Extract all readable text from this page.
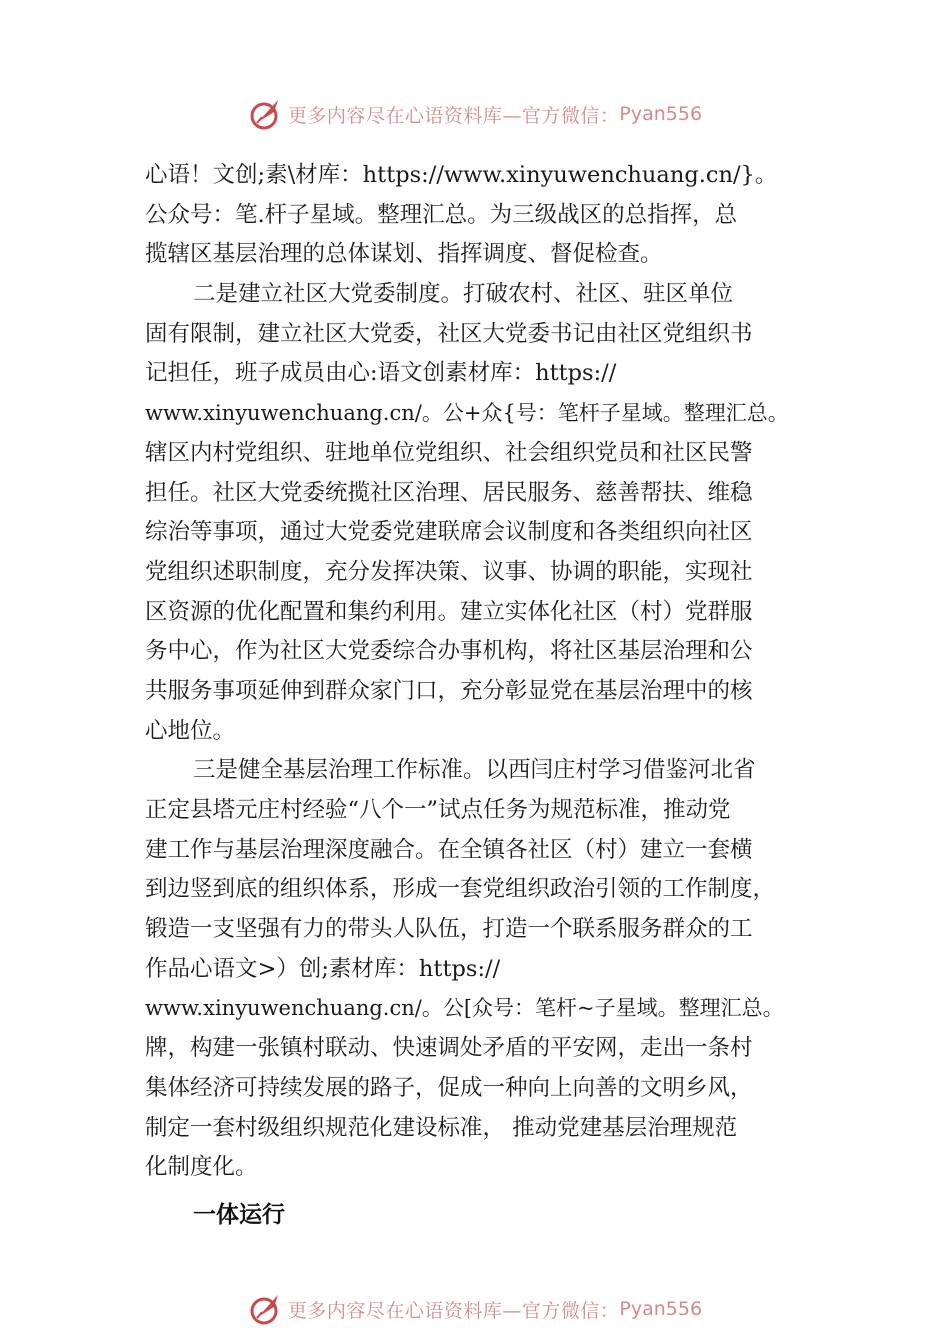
更多内容尽在心语资料库—官方微信： Pyan556
心语！文创;素\材库：https://www.xinyuwenchuang.cn/}。
公众号：笔.杆子星域。整理汇总。为三级战区的总指挥，总
揽辖区基层治理的总体谋划、指挥调度、督促检查。
二是建立社区大党委制度。打破农村、社区、驻区单位
固有限制，建立社区大党委，社区大党委书记由社区党组织书
记担任，班子成员由心:语文创素材库：https://
www.xinyuwenchuang.cn/。公+众{号：笔杆子星域。整理汇总。
辖区内村党组织、驻地单位党组织、社会组织党员和社区民警
担任。社区大党委统揽社区治理、居民服务、慈善帮扶、维稳
综治等事项，通过大党委党建联席会议制度和各类组织向社区
党组织述职制度，充分发挥决策、议事、协调的职能，实现社
区资源的优化配置和集约利用。建立实体化社区（村）党群服
务中心，作为社区大党委综合办事机构，将社区基层治理和公
共服务事项延伸到群众家门口，充分彰显党在基层治理中的核
心地位。
三是健全基层治理工作标准。以西闫庄村学习借鉴河北省
正定县塔元庄村经验“八个一”试点任务为规范标准，推动党
建工作与基层治理深度融合。在全镇各社区（村）建立一套横
到边竖到底的组织体系，形成一套党组织政治引领的工作制度，
锻造一支坚强有力的带头人队伍，打造一个联系服务群众的工
作品心语文>）创;素材库：https://
www.xinyuwenchuang.cn/。公[众号：笔杆~子星域。整理汇总。
牌，构建一张镇村联动、快速调处矛盾的平安网，走出一条村
集体经济可持续发展的路子，促成一种向上向善的文明乡风，
制定一套村级组织规范化建设标准， 推动党建基层治理规范
化制度化。
一体运行
更多内容尽在心语资料库—官方微信： Pyan556
